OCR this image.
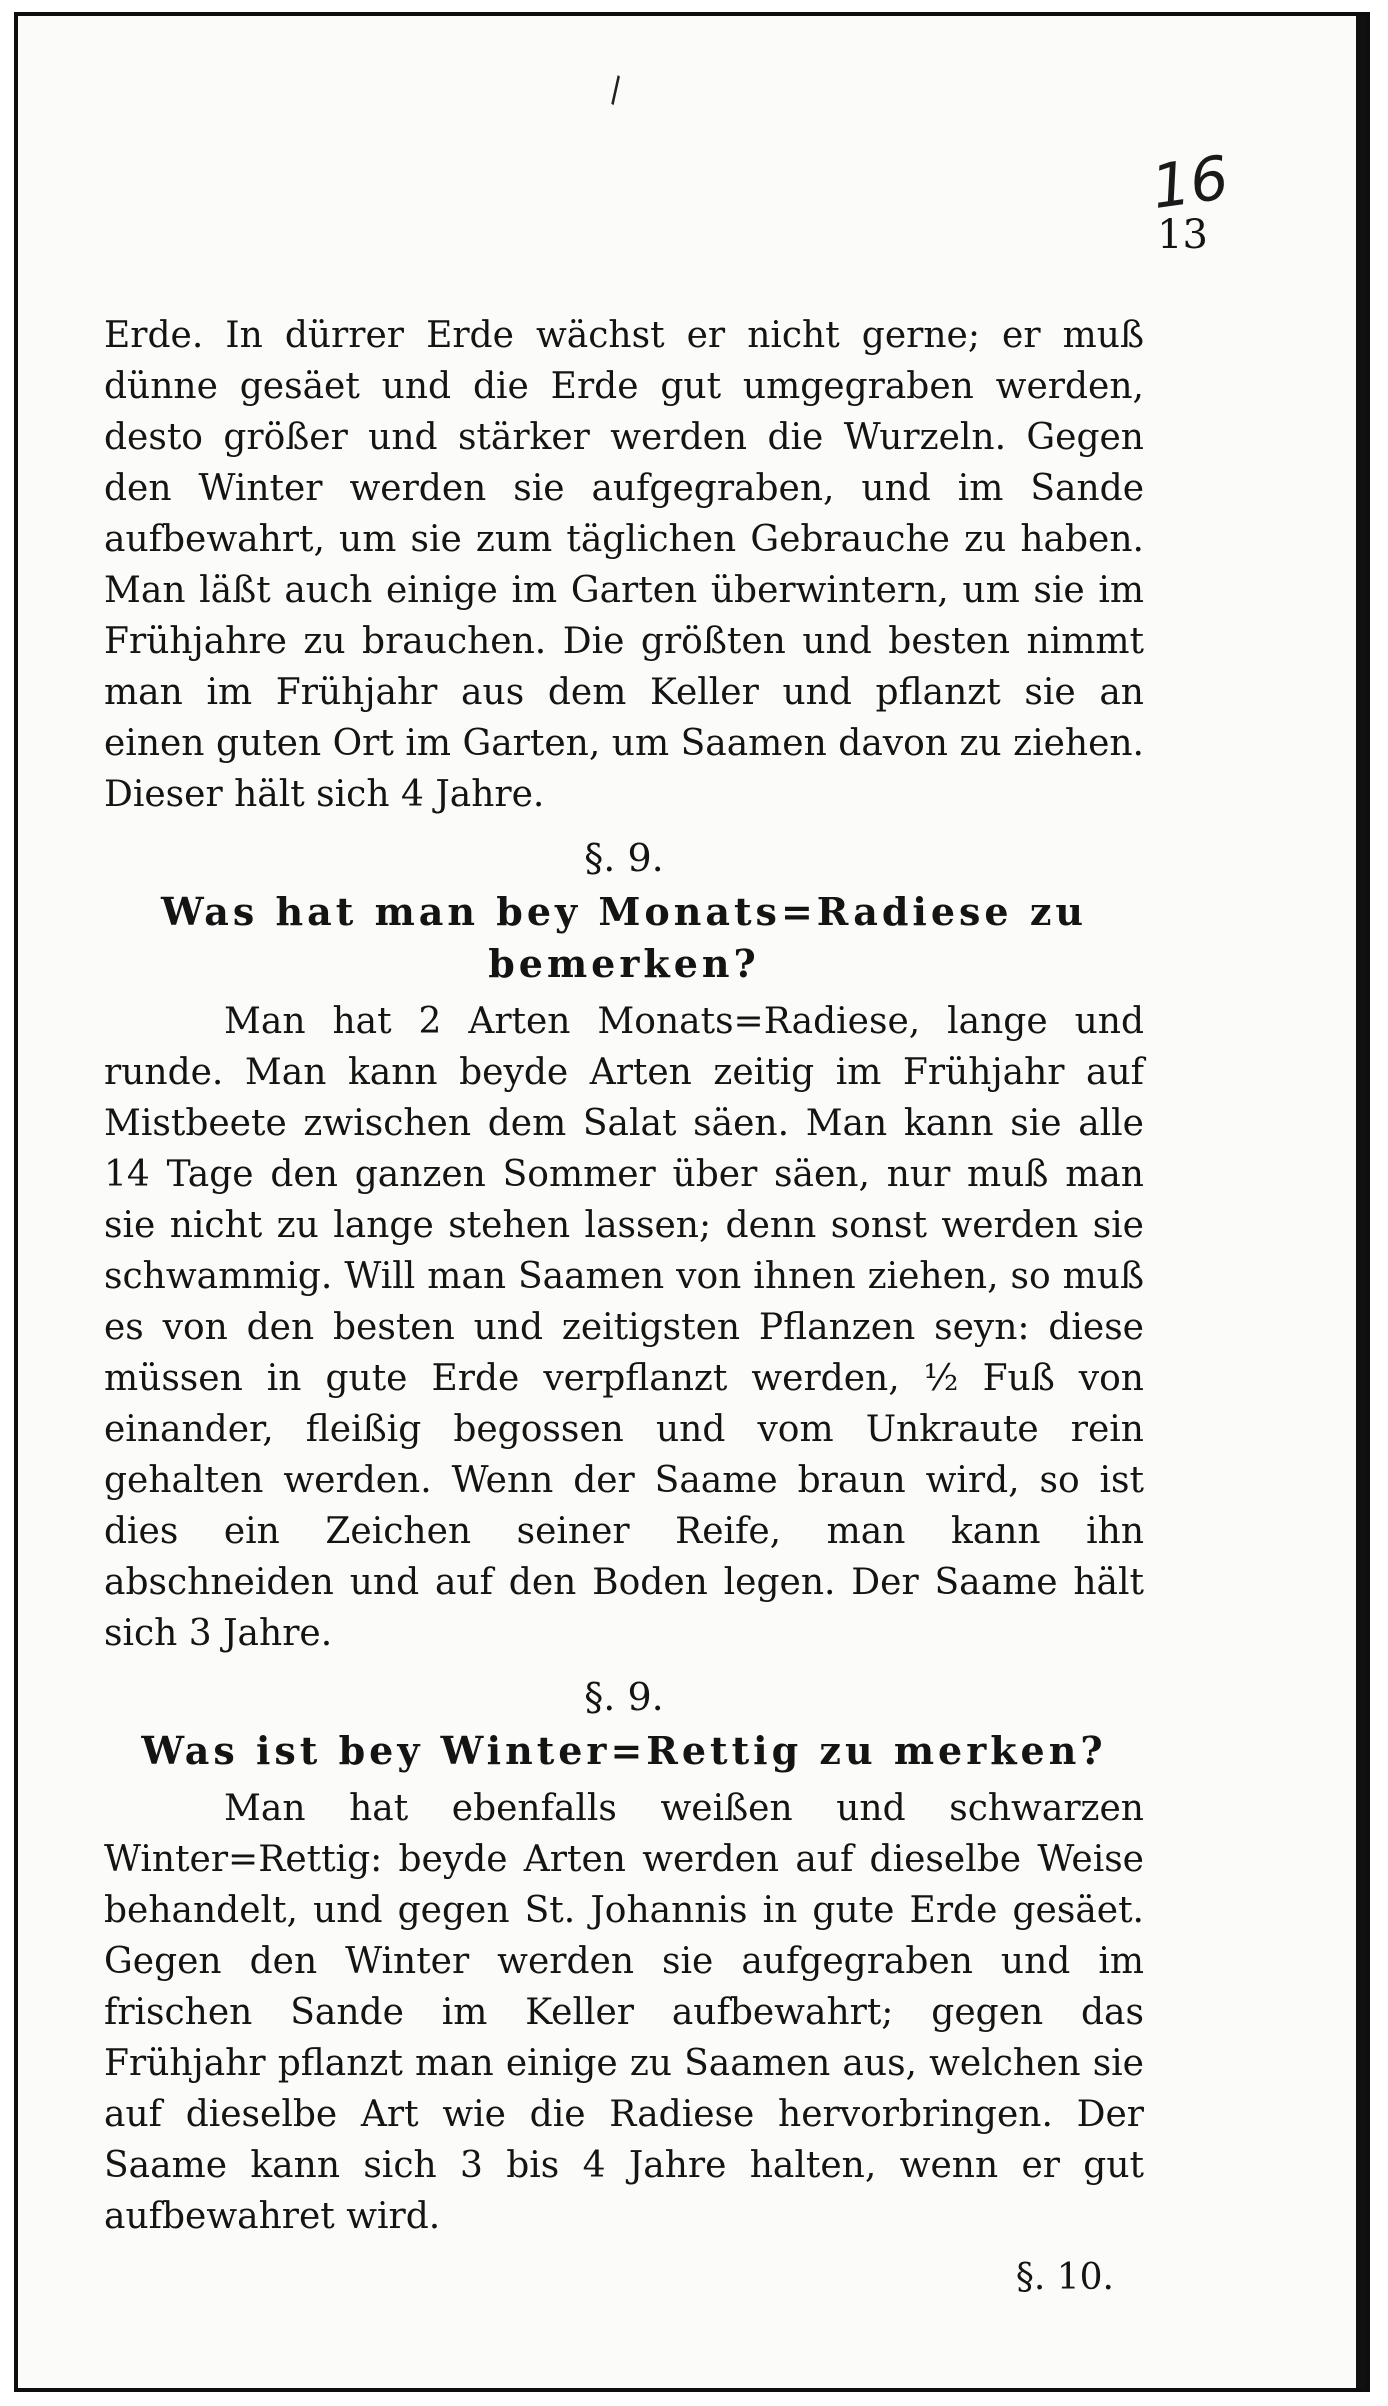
\
16
13

Erde. In dürrer Erde wächst er nicht gerne; er muß dünne gesäet und die Erde gut umgegraben werden, desto größer und stärker werden die Wurzeln. Gegen den Winter werden sie aufgegraben, und im Sande aufbewahrt, um sie zum täglichen Gebrauche zu haben. Man läßt auch einige im Garten überwintern, um sie im Frühjahre zu brauchen. Die größten und besten nimmt man im Frühjahr aus dem Keller und pflanzt sie an einen guten Ort im Garten, um Saamen davon zu ziehen. Dieser hält sich 4 Jahre.

§. 9.
Was hat man bey Monats=Radiese zu bemerken?

Man hat 2 Arten Monats=Radiese, lange und runde. Man kann beyde Arten zeitig im Frühjahr auf Mistbeete zwischen dem Salat säen. Man kann sie alle 14 Tage den ganzen Sommer über säen, nur muß man sie nicht zu lange stehen lassen; denn sonst werden sie schwammig. Will man Saamen von ihnen ziehen, so muß es von den besten und zeitigsten Pflanzen seyn: diese müssen in gute Erde verpflanzt werden, ½ Fuß von einander, fleißig begossen und vom Unkraute rein gehalten werden. Wenn der Saame braun wird, so ist dies ein Zeichen seiner Reife, man kann ihn abschneiden und auf den Boden legen. Der Saame hält sich 3 Jahre.

§. 9.
Was ist bey Winter=Rettig zu merken?

Man hat ebenfalls weißen und schwarzen Winter=Rettig: beyde Arten werden auf dieselbe Weise behandelt, und gegen St. Johannis in gute Erde gesäet. Gegen den Winter werden sie aufgegraben und im frischen Sande im Keller aufbewahrt; gegen das Frühjahr pflanzt man einige zu Saamen aus, welchen sie auf dieselbe Art wie die Radiese hervorbringen. Der Saame kann sich 3 bis 4 Jahre halten, wenn er gut aufbewahret wird.

§. 10.
